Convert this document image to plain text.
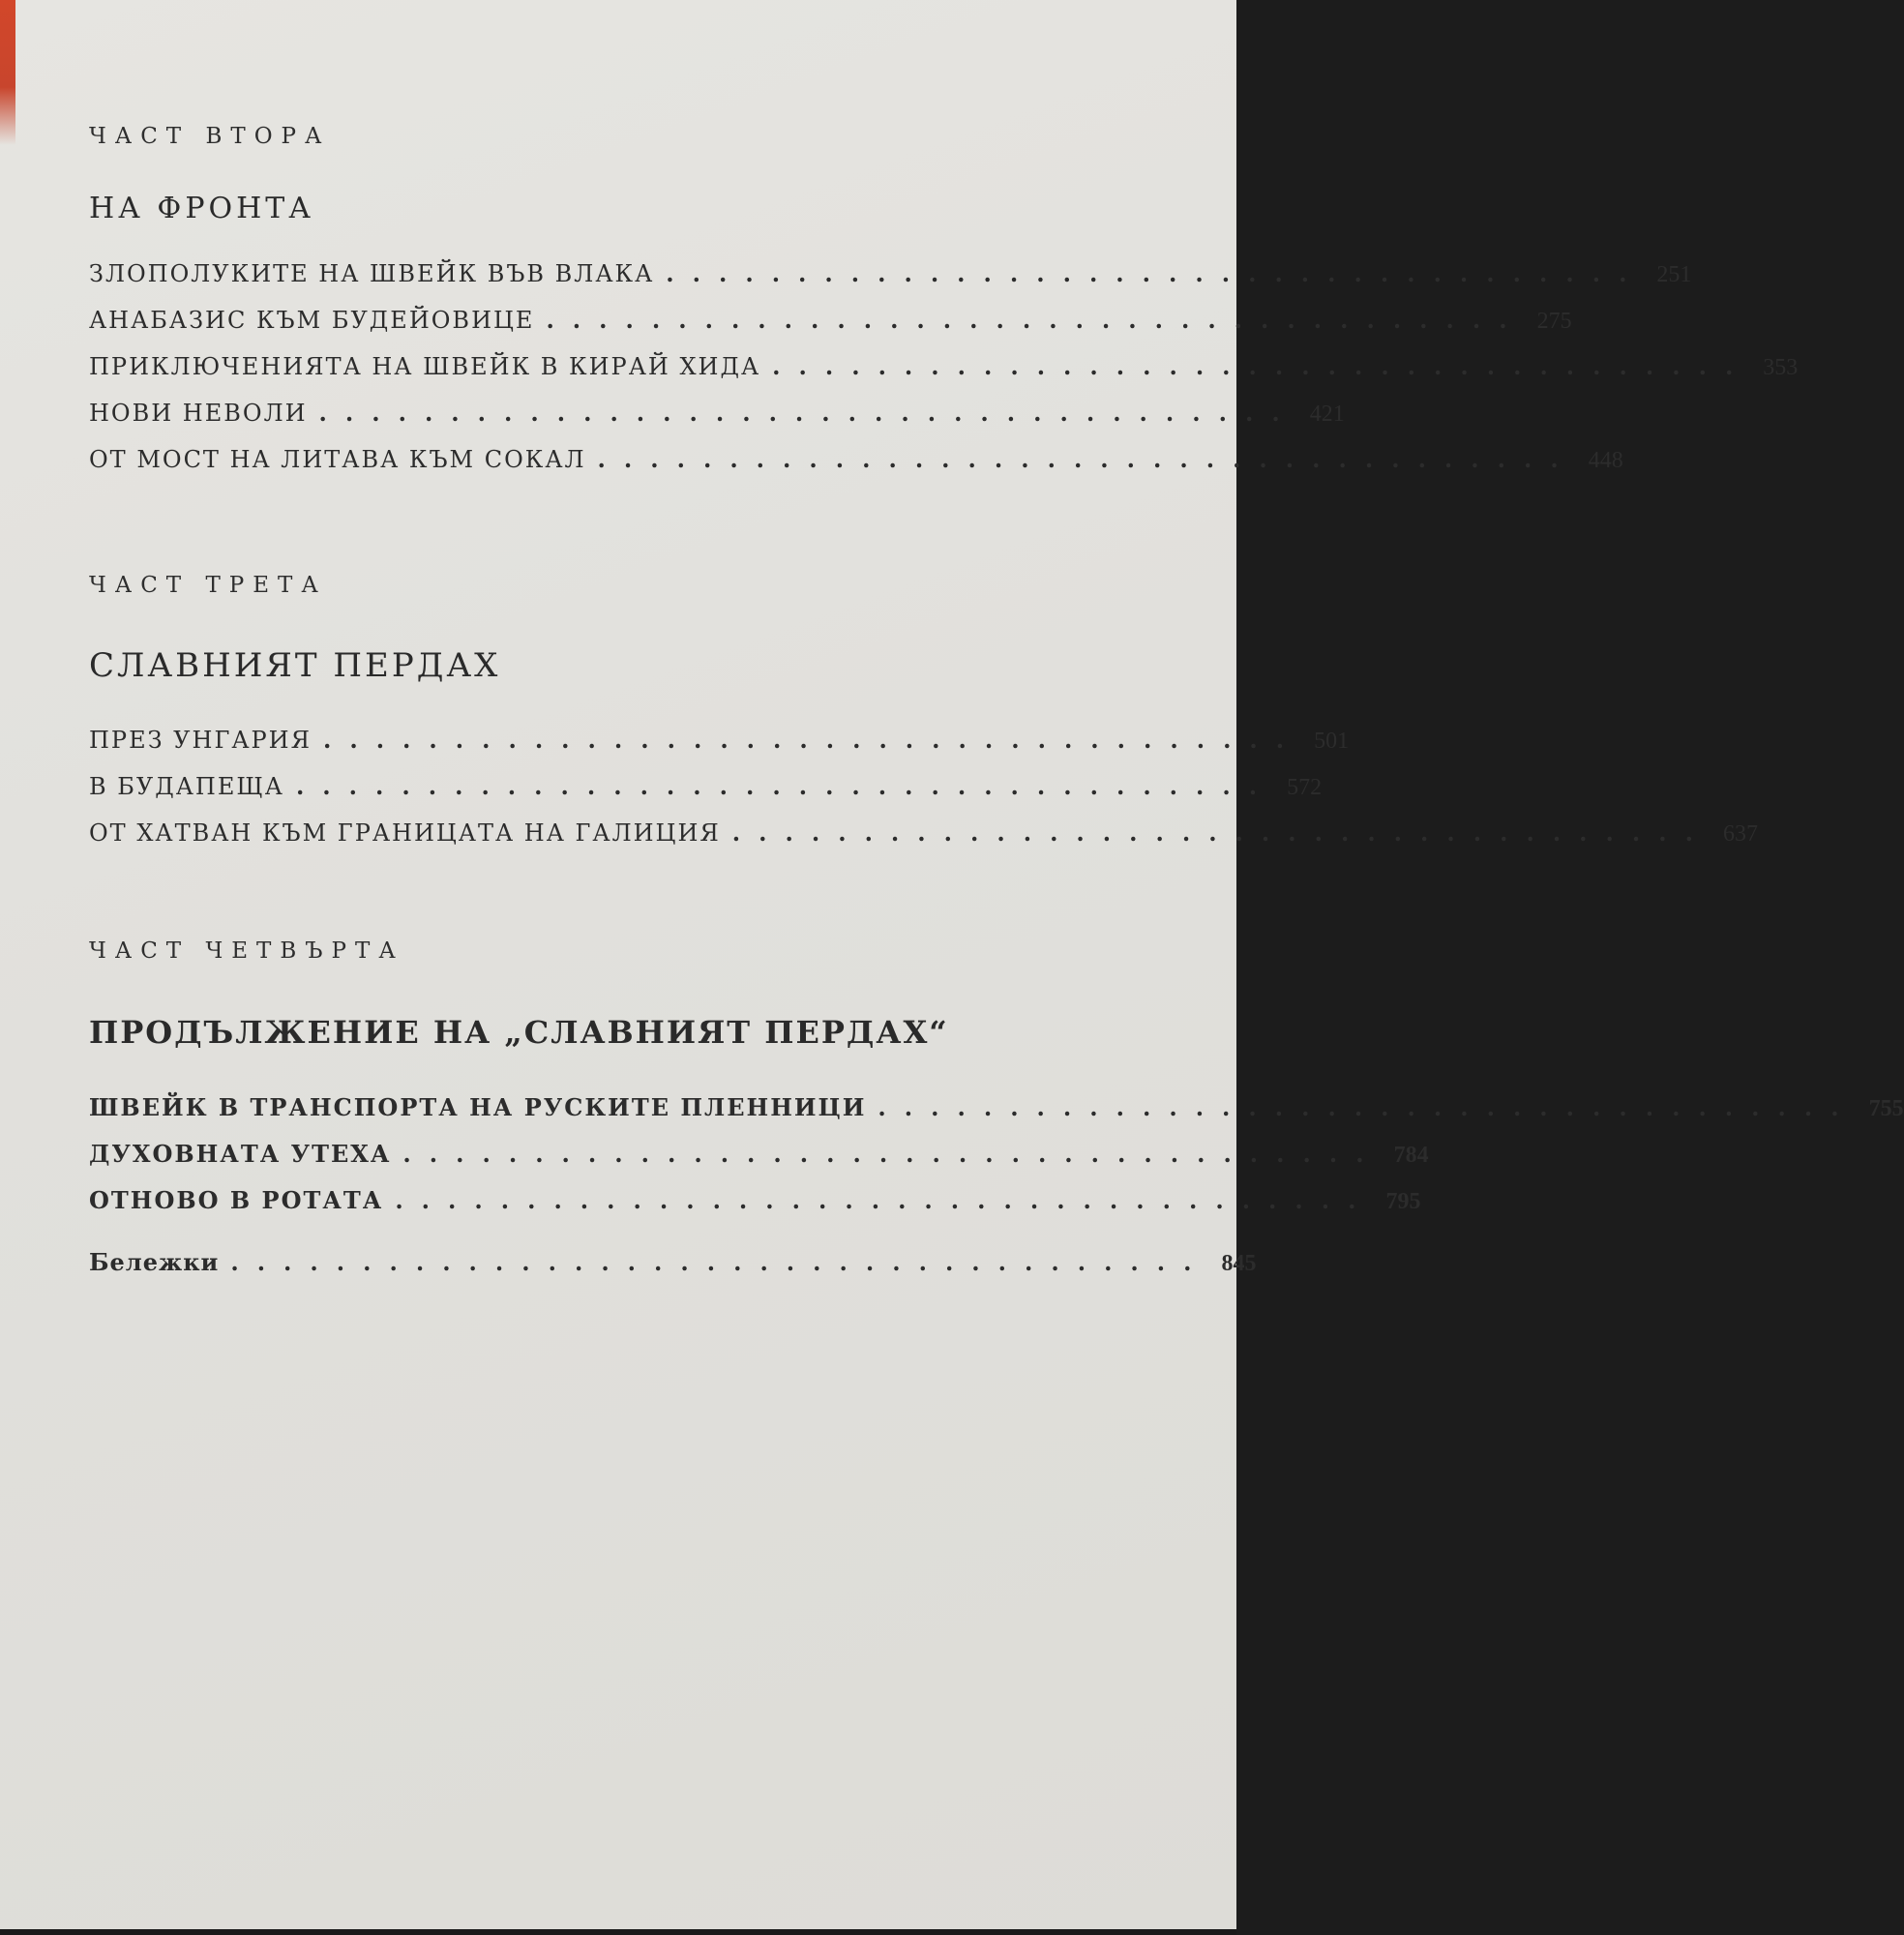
ЧАСТ ВТОРА
НА ФРОНТА
ЗЛОПОЛУКИТЕ НА ШВЕЙК ВЪВ ВЛАКА ..................................... 251
АНАБАЗИС КЪМ БУДЕЙОВИЦЕ ..................................... 275
ПРИКЛЮЧЕНИЯТА НА ШВЕЙК В КИРАЙ ХИДА ..................................... 353
НОВИ НЕВОЛИ ..................................... 421
ОТ МОСТ НА ЛИТАВА КЪМ СОКАЛ ..................................... 448
ЧАСТ ТРЕТА
СЛАВНИЯТ ПЕРДАХ
ПРЕЗ УНГАРИЯ ..................................... 501
В БУДАПЕЩА ..................................... 572
ОТ ХАТВАН КЪМ ГРАНИЦАТА НА ГАЛИЦИЯ ..................................... 637
ЧАСТ ЧЕТВЪРТА
ПРОДЪЛЖЕНИЕ НА „СЛАВНИЯТ ПЕРДАХ“
ШВЕЙК В ТРАНСПОРТА НА РУСКИТЕ ПЛЕННИЦИ ..................................... 755
ДУХОВНАТА УТЕХА ..................................... 784
ОТНОВО В РОТАТА ..................................... 795
Бележки ..................................... 845
